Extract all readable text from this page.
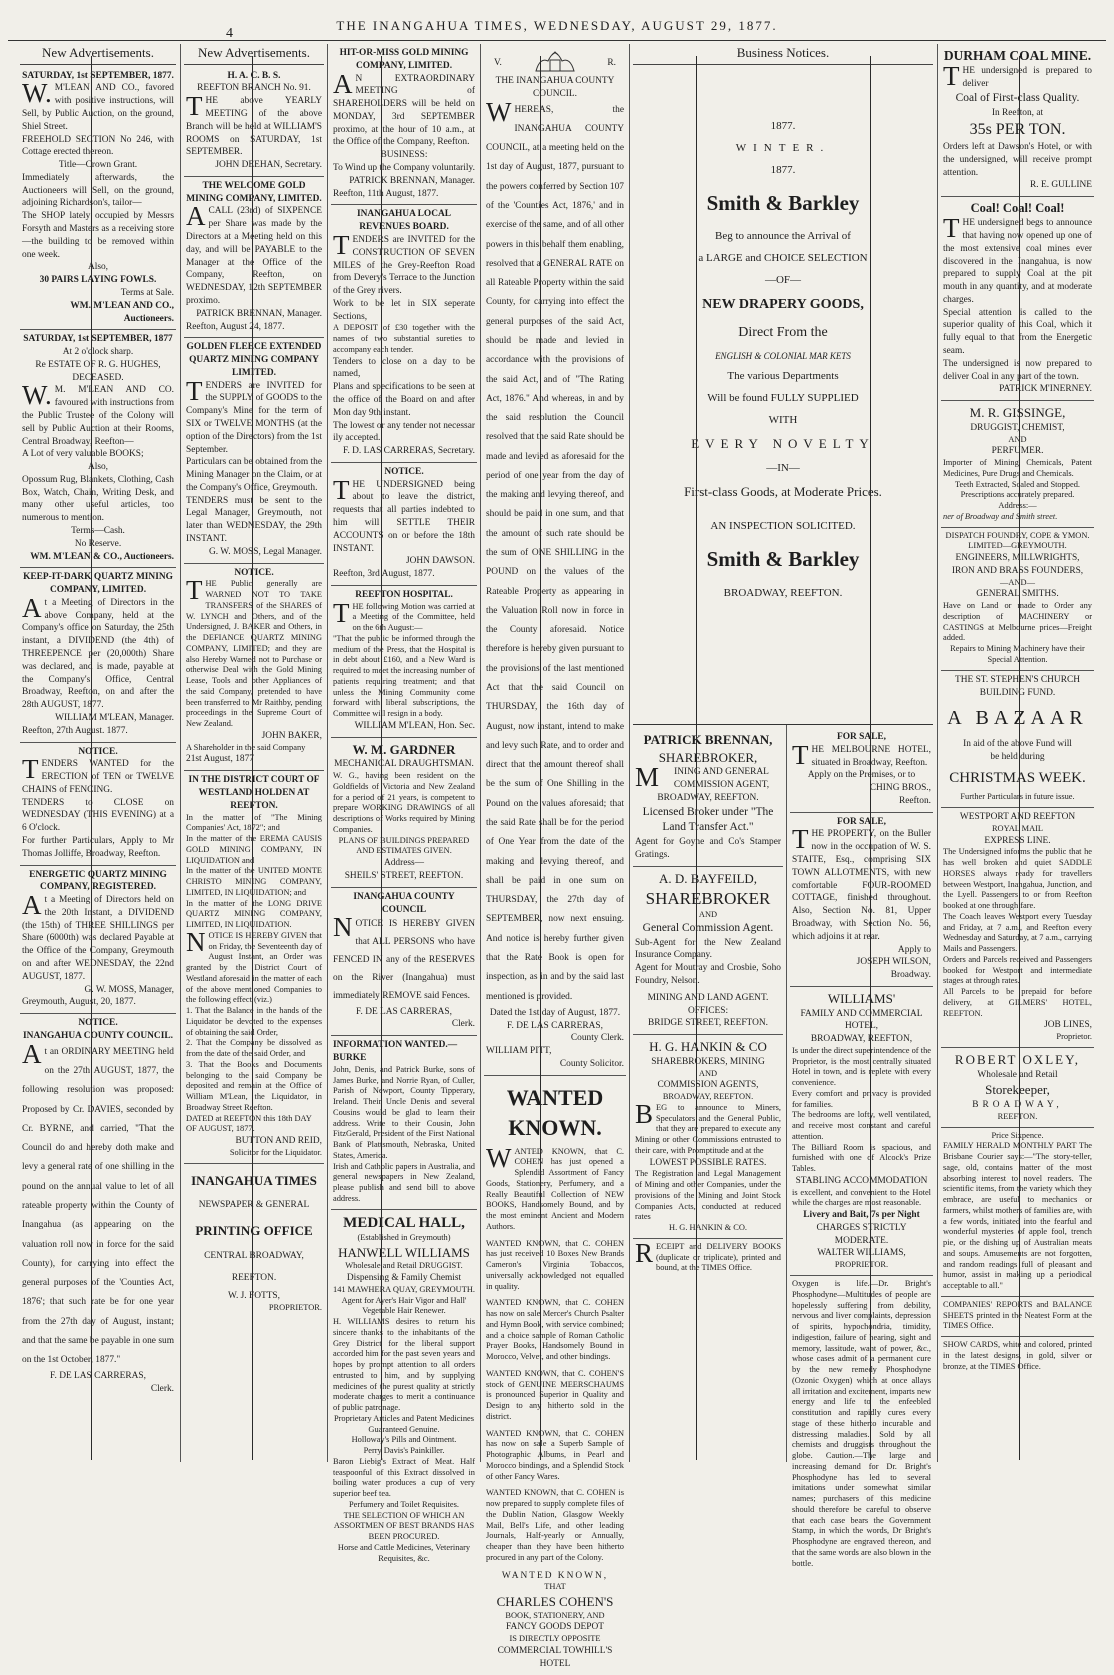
4
THE INANGAHUA TIMES, WEDNESDAY, AUGUST 29, 1877.
New Advertisements.
SATURDAY, 1st SEPTEMBER, 1877.
W.M'LEAN AND CO., favored with positive instructions, will Sell, by Public Auction, on the ground, Shiel Street.
FREEHOLD SECTION No 246, with Cottage erected thereon.
Title—Crown Grant.
Immediately afterwards, the Auctioneers will Sell, on the ground, adjoining Richardson's, tailor—
The SHOP lately occupied by Messrs Forsyth and Masters as a receiving store—the building to be removed within one week.
Also,
30 PAIRS LAYING FOWLS.
Terms at Sale.
WM. M'LEAN AND CO., Auctioneers.
SATURDAY, 1st SEPTEMBER, 1877
At 2 o'clock sharp.
Re ESTATE OF R. G. HUGHES, DECEASED.
W.M. M'LEAN AND CO. favoured with instructions from the Public Trustee of the Colony will sell by Public Auction at their Rooms, Central Broadway, Reefton—
A Lot of very valuable BOOKS;
Also,
Opossum Rug, Blankets, Clothing, Cash Box, Watch, Chain, Writing Desk, and many other useful articles, too numerous to mention.
Terms—Cash.
No Reserve.
WM. M'LEAN & CO., Auctioneers.
KEEP-IT-DARK QUARTZ MINING COMPANY, LIMITED.
At a Meeting of Directors in the above Company, held at the Company's office on Saturday, the 25th instant, a DIVIDEND (the 4th) of THREEPENCE per (20,000th) Share was declared, and is made, payable at the Company's Office, Central Broadway, Reefton, on and after the 28th AUGUST, 1877.
WILLIAM M'LEAN, Manager.
Reefton, 27th August. 1877.
NOTICE.
TENDERS WANTED for the ERECTION of TEN or TWELVE CHAINS of FENCING.
TENDERS to CLOSE on WEDNESDAY (THIS EVENING) at a 6 O'clock.
For further Particulars, Apply to Mr Thomas Jolliffe, Broadway, Reefton.
ENERGETIC QUARTZ MINING COMPANY, REGISTERED.
At a Meeting of Directors held on the 20th Instant, a DIVIDEND (the 15th) of THREE SHILLINGS per Share (6000th) was declared Payable at the Office of the Company, Greymouth on and after WEDNESDAY, the 22nd AUGUST, 1877.
G. W. MOSS, Manager,
Greymouth, August, 20, 1877.
NOTICE.
INANGAHUA COUNTY COUNCIL.
At an ORDINARY MEETING held on the 27th AUGUST, 1877, the following resolution was proposed: Proposed by Cr. DAVIES, seconded by Cr. BYRNE, and carried, "That the Council do and hereby doth make and levy a general rate of one shilling in the pound on the annual value to let of all rateable property within the County of Inangahua (as appearing on the valuation roll now in force for the said County), for carrying into effect the general purposes of the 'Counties Act, 1876'; that such rate be for one year from the 27th day of August, instant; and that the same be payable in one sum on the 1st October, 1877."
F. DE LAS CARRERAS,
Clerk.
New Advertisements.
H. A. C. B. S.
REEFTON BRANCH No. 91.
THE above YEARLY MEETING of the above Branch will be held at WILLIAM'S ROOMS on SATURDAY, 1st SEPTEMBER.
JOHN DEEHAN, Secretary.
THE WELCOME GOLD MINING COMPANY, LIMITED.
ACALL (23rd) of SIXPENCE per Share was made by the Directors at a Meeting held on this day, and will be PAYABLE to the Manager at the Office of the Company, Reefton, on WEDNESDAY, 12th SEPTEMBER proximo.
PATRICK BRENNAN, Manager.
Reefton, August 24, 1877.
GOLDEN FLEECE EXTENDED QUARTZ MINING COMPANY LIMITED.
TENDERS are INVITED for the SUPPLY of GOODS to the Company's Mine for the term of SIX or TWELVE MONTHS (at the option of the Directors) from the 1st September.
Particulars can be obtained from the Mining Manager on the Claim, or at the Company's Office, Greymouth.
TENDERS must be sent to the Legal Manager, Greymouth, not later than WEDNESDAY, the 29th INSTANT.
G. W. MOSS, Legal Manager.
NOTICE.
THE Public generally are WARNED NOT TO TAKE TRANSFERS of the SHARES of W. LYNCH and Others, and of the Undersigned, J. BAKER and Others, in the DEFIANCE QUARTZ MINING COMPANY, LIMITED; and they are also Hereby Warned not to Purchase or otherwise Deal with the Gold Mining Lease, Tools and other Appliances of the said Company, pretended to have been transferred to Mr Raithby, pending proceedings in the Supreme Court of New Zealand.
JOHN BAKER,
A Shareholder in the said Company
21st August, 1877
IN THE DISTRICT COURT OF WESTLAND HOLDEN AT REEFTON.
In the matter of "The Mining Companies' Act, 1872"; and
In the matter of the EREMA CAUSIS GOLD MINING COMPANY, IN LIQUIDATION and
In the matter of the UNITED MONTE CHRISTO MINING COMPANY, LIMITED, IN LIQUIDATION; and
In the matter of the LONG DRIVE QUARTZ MINING COMPANY, LIMITED, IN LIQUIDATION.
NOTICE IS HEREBY GIVEN that on Friday, the Seventeenth day of August Instant, an Order was granted by the District Court of Westland aforesaid in the matter of each of the above mentioned Companies to the following effect (viz.)
1. That the Balance in the hands of the Liquidator be devoted to the expenses of obtaining the said Order,
2. That the Company be dissolved as from the date of the said Order, and
3. That the Books and Documents belonging to the said Company be deposited and remain at the Office of William M'Lean, the Liquidator, in Broadway Street Reefton.
DATED at REEFTON this 18th DAY OF AUGUST, 1877.
BUTTON AND REID,
Solicitor for the Liquidator.
INANGAHUA TIMES
NEWSPAPER & GENERAL
PRINTING OFFICE
CENTRAL BROADWAY,
REEFTON.
W. J. FOTTS,
PROPRIETOR.
HIT-OR-MISS GOLD MINING COMPANY, LIMITED.
AN EXTRAORDINARY MEETING of SHAREHOLDERS will be held on MONDAY, 3rd SEPTEMBER proximo, at the hour of 10 a.m., at the Office of the Company, Reefton.
BUSINESS:
To Wind up the Company voluntarily.
PATRICK BRENNAN, Manager.
Reefton, 11th August, 1877.
INANGAHUA LOCAL REVENUES BOARD.
TENDERS are INVITED for the CONSTRUCTION OF SEVEN MILES of the Grey-Reefton Road from Devery's Terrace to the Junction of the Grey rivers.
Work to be let in SIX seperate Sections,
A DEPOSIT of £30 together with the names of two substantial sureties to accompany each tender.
Tenders to close on a day to be named,
Plans and specifications to be seen at the office of the Board on and after Mon day 9th instant.
The lowest or any tender not necessar ily accepted.
F. D. LAS CARRERAS, Secretary.
NOTICE.
THE UNDERSIGNED being about to leave the district, requests that all parties indebted to him will SETTLE THEIR ACCOUNTS on or before the 18th INSTANT.
JOHN DAWSON.
Reefton, 3rd August, 1877.
REEFTON HOSPITAL.
THE following Motion was carried at a Meeting of the Committee, held on the 6th August:—
"That the public be informed through the medium of the Press, that the Hospital is in debt about £160, and a New Ward is required to meet the increasing number of patients requiring treatment; and that unless the Mining Community come forward with liberal subscriptions, the Committee will resign in a body.
WILLIAM M'LEAN, Hon. Sec.
W. M. GARDNER
MECHANICAL DRAUGHTSMAN.
W. G., having been resident on the Goldfields of Victoria and New Zealand for a period of 21 years, is competent to prepare WORKING DRAWINGS of all descriptions of Works required by Mining Companies.
PLANS OF BUILDINGS PREPARED AND ESTIMATES GIVEN.
Address—
SHEILS' STREET, REEFTON.
INANGAHUA COUNTY COUNCIL
NOTICE IS HEREBY GIVEN that ALL PERSONS who have FENCED IN any of the RESERVES on the River (Inangahua) must immediately REMOVE said Fences.
F. DE LAS CARRERAS,
Clerk.
INFORMATION WANTED.—BURKE
John, Denis, and Patrick Burke, sons of James Burke, and Norrie Ryan, of Culler, Parish of Newport, County Tipperary, Ireland. Their Uncle Denis and several Cousins would be glad to learn their address. Write to their Cousin, John FitzGerald, President of the First National Bank of Plattsmouth, Nebraska, United States, America.
Irish and Catholic papers in Australia, and general newspapers in New Zealand, please publish and send bill to above address.
MEDICAL HALL,
(Established in Greymouth)
HANWELL WILLIAMS
Wholesale and Retail DRUGGIST.
Dispensing & Family Chemist
141 MAWHERA QUAY, GREYMOUTH.
Agent for Ayer's Hair Vigor and Hall' Vegetable Hair Renewer.
H. WILLIAMS desires to return his sincere thanks to the inhabitants of the Grey District for the liberal support accorded him for the past seven years and hopes by prompt attention to all orders entrusted to him, and by supplying medicines of the purest quality at strictly moderate charges to merit a continuance of public patronage.
Proprietary Articles and Patent Medicines Guaranteed Genuine.
Holloway's Pills and Ointment.
Perry Davis's Painkiller.
Baron Liebig's Extract of Meat. Half teaspoonful of this Extract dissolved in boiling water produces a cup of very superior beef tea.
Perfumery and Toilet Requisites.
THE SELECTION OF WHICH AN ASSORTMEN OF BEST BRANDS HAS BEEN PROCURED.
Horse and Cattle Medicines, Veterinary Requisites, &c.
V.	R.
THE INANGAHUA COUNTY COUNCIL.
WHEREAS, the INANGAHUA COUNTY COUNCIL, at a meeting held on the 1st day of August, 1877, pursuant to the powers conferred by Section 107 of the 'Counties Act, 1876,' and in exercise of the same, and of all other powers in this behalf them enabling, resolved that a GENERAL RATE on all Rateable Property within the said County, for carrying into effect the general purposes of the said Act, should be made and levied in accordance with the provisions of the said Act, and of "The Rating Act, 1876." And whereas, in and by the said resolution the Council resolved that the said Rate should be made and levied as aforesaid for the period of one year from the day of the making and levying thereof, and should be paid in one sum, and that the amount of such rate should be the sum of ONE SHILLING in the POUND on the values of the Rateable Property as appearing in the Valuation Roll now in force in the County aforesaid. Notice therefore is hereby given pursuant to the provisions of the last mentioned Act that the said Council on THURSDAY, the 16th day of August, now instant, intend to make and levy such Rate, and to order and direct that the amount thereof shall be the sum of One Shilling in the Pound on the values aforesaid; that the said Rate shall be for the period of One Year from the date of the making and levying thereof, and shall be paid in one sum on THURSDAY, the 27th day of SEPTEMBER, now next ensuing. And notice is hereby further given that the Rate Book is open for inspection, as in and by the said last mentioned is provided.
Dated the 1st day of August, 1877.
F. DE LAS CARRERAS,
County Clerk.
WILLIAM PITT,
County Solicitor.
WANTED KNOWN.
WANTED KNOWN, that C. COHEN has just opened a Splendid Assortment of Fancy Goods, Stationery, Perfumery, and a Really Beautiful Collection of NEW BOOKS, Handsomely Bound, and by the most eminent Ancient and Modern Authors.
WANTED KNOWN, that C. COHEN has just received 10 Boxes New Brands Cameron's Virginia Tobaccos, universally acknowledged not equalled in quality.
WANTED KNOWN, that C. COHEN has now on sale Mercer's Church Psalter and Hymn Book, with service combined; and a choice sample of Roman Catholic Prayer Books, Handsomely Bound in Morocco, Velvet, and other bindings.
WANTED KNOWN, that C. COHEN'S stock of GENUINE MEERSCHAUMS is pronounced Superior in Quality and Design to any hitherto sold in the district.
WANTED KNOWN, that C. COHEN has now on sale a Superb Sample of Photographic Albums, in Pearl and Morocco bindings, and a Splendid Stock of other Fancy Wares.
WANTED KNOWN, that C. COHEN is now prepared to supply complete files of the Dublin Nation, Glasgow Weekly Mail, Bell's Life, and other leading Journals, Half-yearly or Annually, cheaper than they have been hitherto procured in any part of the Colony.
WANTED KNOWN,
THAT
CHARLES COHEN'S
BOOK, STATIONERY, AND
FANCY GOODS DEPOT
IS DIRECTLY OPPOSITE
COMMERCIAL TOWHILL'S HOTEL
Business Notices.
1877.
WINTER.
1877.
Smith & Barkley
Beg to announce the Arrival of
a LARGE and CHOICE SELECTION
—OF—
NEW DRAPERY GOODS,
Direct From the
ENGLISH & COLONIAL MAR KETS
The various Departments
Will be found FULLY SUPPLIED
WITH
EVERY NOVELTY
—IN—
First-class Goods, at Moderate Prices.
AN INSPECTION SOLICITED.
Smith & Barkley
BROADWAY, REEFTON.
PATRICK BRENNAN,
SHAREBROKER,
MINING AND GENERAL COMMISSION AGENT,
BROADWAY, REEFTON.
Licensed Broker under "The Land Transfer Act."
Agent for Goyne and Co's Stamper Gratings.
A. D. BAYFEILD,
SHAREBROKER
AND
General Commission Agent.
Sub-Agent for the New Zealand Insurance Company.
Agent for Moutray and Crosbie, Soho Foundry, Nelson.
MINING AND LAND AGENT.
OFFICES:
BRIDGE STREET, REEFTON.
H. G. HANKIN & CO
SHAREBROKERS, MINING
AND
COMMISSION AGENTS,
BROADWAY, REEFTON.
BEG to announce to Miners, Speculators and the General Public, that they are prepared to execute any Mining or other Commissions entrusted to their care, with Promptitude and at the
LOWEST POSSIBLE RATES.
The Registration and Legal Management of Mining and other Companies, under the provisions of the Mining and Joint Stock Companies Acts, conducted at reduced rates
H. G. HANKIN & CO.
RECEIPT and DELIVERY BOOKS (duplicate or triplicate), printed and bound, at the TIMES Office.
FOR SALE,
THE MELBOURNE HOTEL, situated in Broadway, Reefton.
Apply on the Premises, or to
CHING BROS.,
Reefton.
FOR SALE,
THE PROPERTY, on the Buller now in the occupation of W. S. STAITE, Esq., comprising SIX TOWN ALLOTMENTS, with new comfortable FOUR-ROOMED COTTAGE, finished throughout. Also, Section No. 81, Upper Broadway, with Section No. 56, which adjoins it at rear.
Apply to
JOSEPH WILSON,
Broadway.
WILLIAMS'
FAMILY AND COMMERCIAL
HOTEL,
BROADWAY, REEFTON,
Is under the direct superintendence of the Proprietor, is the most centrally situated Hotel in town, and is replete with every convenience.
Every comfort and privacy is provided for families.
The bedrooms are lofty, well ventilated, and receive most constant and careful attention.
The Billiard Room is spacious, and furnished with one of Alcock's Prize Tables.
STABLING ACCOMMODATION
is excellent, and convenient to the Hotel while the charges are most reasonable.
Livery and Bait, 7s per Night
CHARGES STRICTLY MODERATE.
WALTER WILLIAMS,
PROPRIETOR.
Oxygen is life.—Dr. Bright's Phosphodyne—Multitudes of people are hopelessly suffering from debility, nervous and liver complaints, depression of spirits, hypochondria, timidity, indigestion, failure of hearing, sight and memory, lassitude, want of power, &c., whose cases admit of a permanent cure by the new remedy Phosphodyne (Ozonic Oxygen) which at once allays all irritation and excitement, imparts new energy and life to the enfeebled constitution and rapidly cures every stage of these hitherto incurable and distressing maladies. Sold by all chemists and druggists throughout the globe. Caution.—The large and increasing demand for Dr. Bright's Phosphodyne has led to several imitations under somewhat similar names; purchasers of this medicine should therefore be careful to observe that each case bears the Government Stamp, in which the words, Dr Bright's Phosphodyne are engraved thereon, and that the same words are also blown in the bottle.
DURHAM COAL MINE.
THE undersigned is prepared to deliver
Coal of First-class Quality.
In Reefton, at
35s PER TON.
Orders left at Dawson's Hotel, or with the undersigned, will receive prompt attention.
R. E. GULLINE
Coal! Coal! Coal!
THE undersigned begs to announce that having now opened up one of the most extensive coal mines ever discovered in the Inangahua, is now prepared to supply Coal at the pit mouth in any quantity, and at moderate charges.
Special attention is called to the superior quality of this Coal, which it fully equal to that from the Energetic seam.
The undersigned is now prepared to deliver Coal in any part of the town.
PATRICK M'INERNEY.
M. R. GISSINGE,
DRUGGIST, CHEMIST,
AND
PERFUMER.
Importer of Mining Chemicals, Patent Medicines, Pure Drugs and Chemicals.
Teeth Extracted, Scaled and Stopped.
Prescriptions accurately prepared.
Address:—
ner of Broadway and Smith street.
DISPATCH FOUNDRY, COPE & YMON.
LIMITED—GREYMOUTH.
ENGINEERS, MILLWRIGHTS, IRON AND BRASS FOUNDERS,
—AND—
GENERAL SMITHS.
Have on Land or made to Order any description of MACHINERY or CASTINGS at Melbourne prices—Freight added.
Repairs to Mining Machinery have their Special Attention.
THE ST. STEPHEN'S CHURCH
BUILDING FUND.
A BAZAAR
In aid of the above Fund will
be held during
CHRISTMAS WEEK.
Further Particulars in future issue.
WESTPORT AND REEFTON
ROYAL MAIL
EXPRESS LINE.
The Undersigned informs the public that he has well broken and quiet SADDLE HORSES always ready for travellers between Westport, Inangahua, Junction, and the Lyell. Passengers to or from Reefton booked at one through fare.
The Coach leaves Westport every Tuesday and Friday, at 7 a.m., and Reefton every Wednesday and Saturday, at 7 a.m., carrying Mails and Passengers.
Orders and Parcels received and Passengers booked for Westport and intermediate stages at through rates.
All Parcels to be prepaid for before delivery, at GILMERS' HOTEL, REEFTON.
JOB LINES,
Proprietor.
ROBERT OXLEY,
Wholesale and Retail
Storekeeper,
BROADWAY,
REEFTON.
Price Sixpence.
FAMILY HERALD MONTHLY PART The Brisbane Courier says:—"The story-teller, sage, old, contains matter of the most absorbing interest to novel readers. The scientific items, from the variety which they embrace, are useful to mechanics or farmers, whilst mothers of families are, with a few words, initiated into the fearful and wonderful mysteries of apple fool, trench pie, or the dishing up of Australian meats and soups. Amusements are not forgotten, and random readings full of pleasant and humor, assist in making up a periodical acceptable to all."
COMPANIES' REPORTS and BALANCE SHEETS printed in the Neatest Form at the TIMES Office.
SHOW CARDS, white and colored, printed in the latest designs, in gold, silver or bronze, at the TIMES Office.
